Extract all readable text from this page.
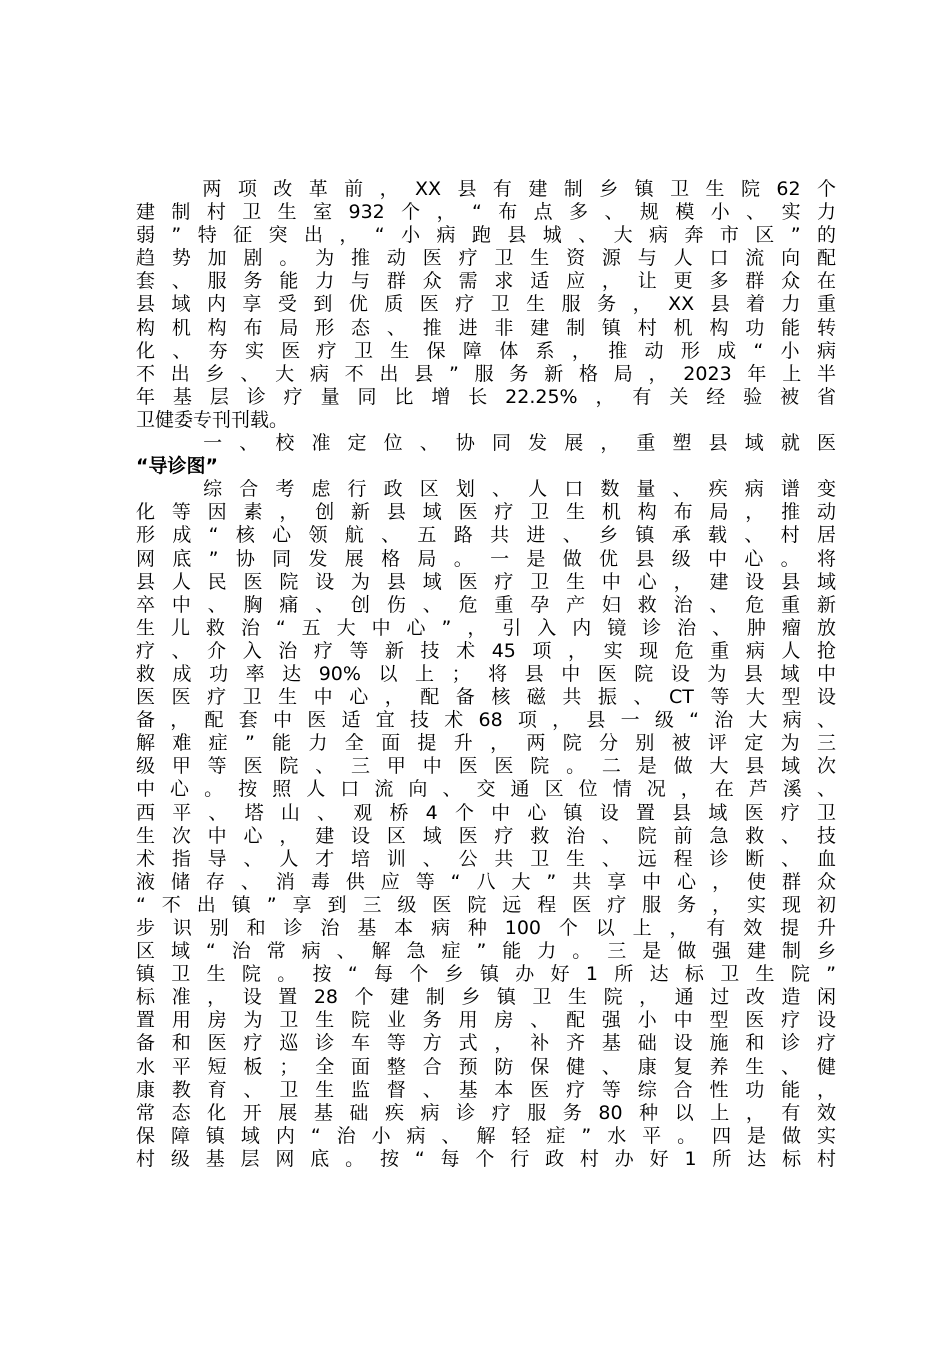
两项改革前，XX县有建制乡镇卫生院62个
建制村卫生室932个，“布点多、规模小、实力
弱”特征突出，“小病跑县城、大病奔市区”的
趋势加剧。为推动医疗卫生资源与人口流向配
套、服务能力与群众需求适应，让更多群众在
县域内享受到优质医疗卫生服务，XX县着力重
构机构布局形态、推进非建制镇村机构功能转
化、夯实医疗卫生保障体系，推动形成“小病
不出乡、大病不出县”服务新格局，2023年上半
年基层诊疗量同比增长22.25%，有关经验被省
卫健委专刊刊载。
一、校准定位、协同发展，重塑县域就医
“导诊图”
综合考虑行政区划、人口数量、疾病谱变
化等因素，创新县域医疗卫生机构布局，推动
形成“核心领航、五路共进、乡镇承载、村居
网底”协同发展格局。一是做优县级中心。将
县人民医院设为县域医疗卫生中心，建设县域
卒中、胸痛、创伤、危重孕产妇救治、危重新
生儿救治“五大中心”，引入内镜诊治、肿瘤放
疗、介入治疗等新技术45项，实现危重病人抢
救成功率达90%以上；将县中医院设为县域中
医医疗卫生中心，配备核磁共振、CT等大型设
备，配套中医适宜技术68项，县一级“治大病、
解难症”能力全面提升，两院分别被评定为三
级甲等医院、三甲中医医院。二是做大县域次
中心。按照人口流向、交通区位情况，在芦溪、
西平、塔山、观桥4个中心镇设置县域医疗卫
生次中心，建设区域医疗救治、院前急救、技
术指导、人才培训、公共卫生、远程诊断、血
液储存、消毒供应等“八大”共享中心，使群众
“不出镇”享到三级医院远程医疗服务，实现初
步识别和诊治基本病种100个以上，有效提升
区域“治常病、解急症”能力。三是做强建制乡
镇卫生院。按“每个乡镇办好1所达标卫生院”
标准，设置28个建制乡镇卫生院，通过改造闲
置用房为卫生院业务用房、配强小中型医疗设
备和医疗巡诊车等方式，补齐基础设施和诊疗
水平短板；全面整合预防保健、康复养生、健
康教育、卫生监督、基本医疗等综合性功能，
常态化开展基础疾病诊疗服务80种以上，有效
保障镇域内“治小病、解轻症”水平。四是做实
村级基层网底。按“每个行政村办好1所达标村
